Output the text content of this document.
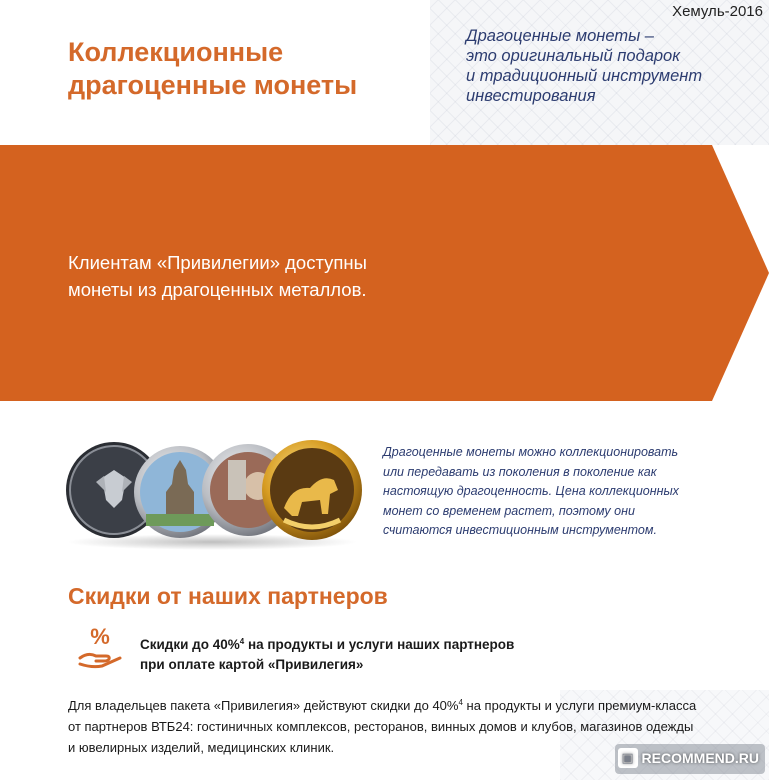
Хемуль-2016
Коллекционные
драгоценные монеты
Драгоценные монеты –
это оригинальный подарок
и традиционный инструмент
инвестирования
Клиентам «Привилегии» доступны
монеты из драгоценных металлов.
Драгоценные монеты можно коллекционировать
или передавать из поколения в поколение как
настоящую драгоценность. Цена коллекционных
монет со временем растет, поэтому они
считаются инвестиционным инструментом.
Скидки от наших партнеров
% Скидки до 40%$^4$ на продукты и услуги наших партнеров
при оплате картой «Привилегия»
Для владельцев пакета «Привилегия» действуют скидки до 40%$^4$ на продукты и услуги премиум-класса
от партнеров ВТБ24: гостиничных комплексов, ресторанов, винных домов и клубов, магазинов одежды
и ювелирных изделий, медицинских клиник.
▣ RECOMMEND.RU
